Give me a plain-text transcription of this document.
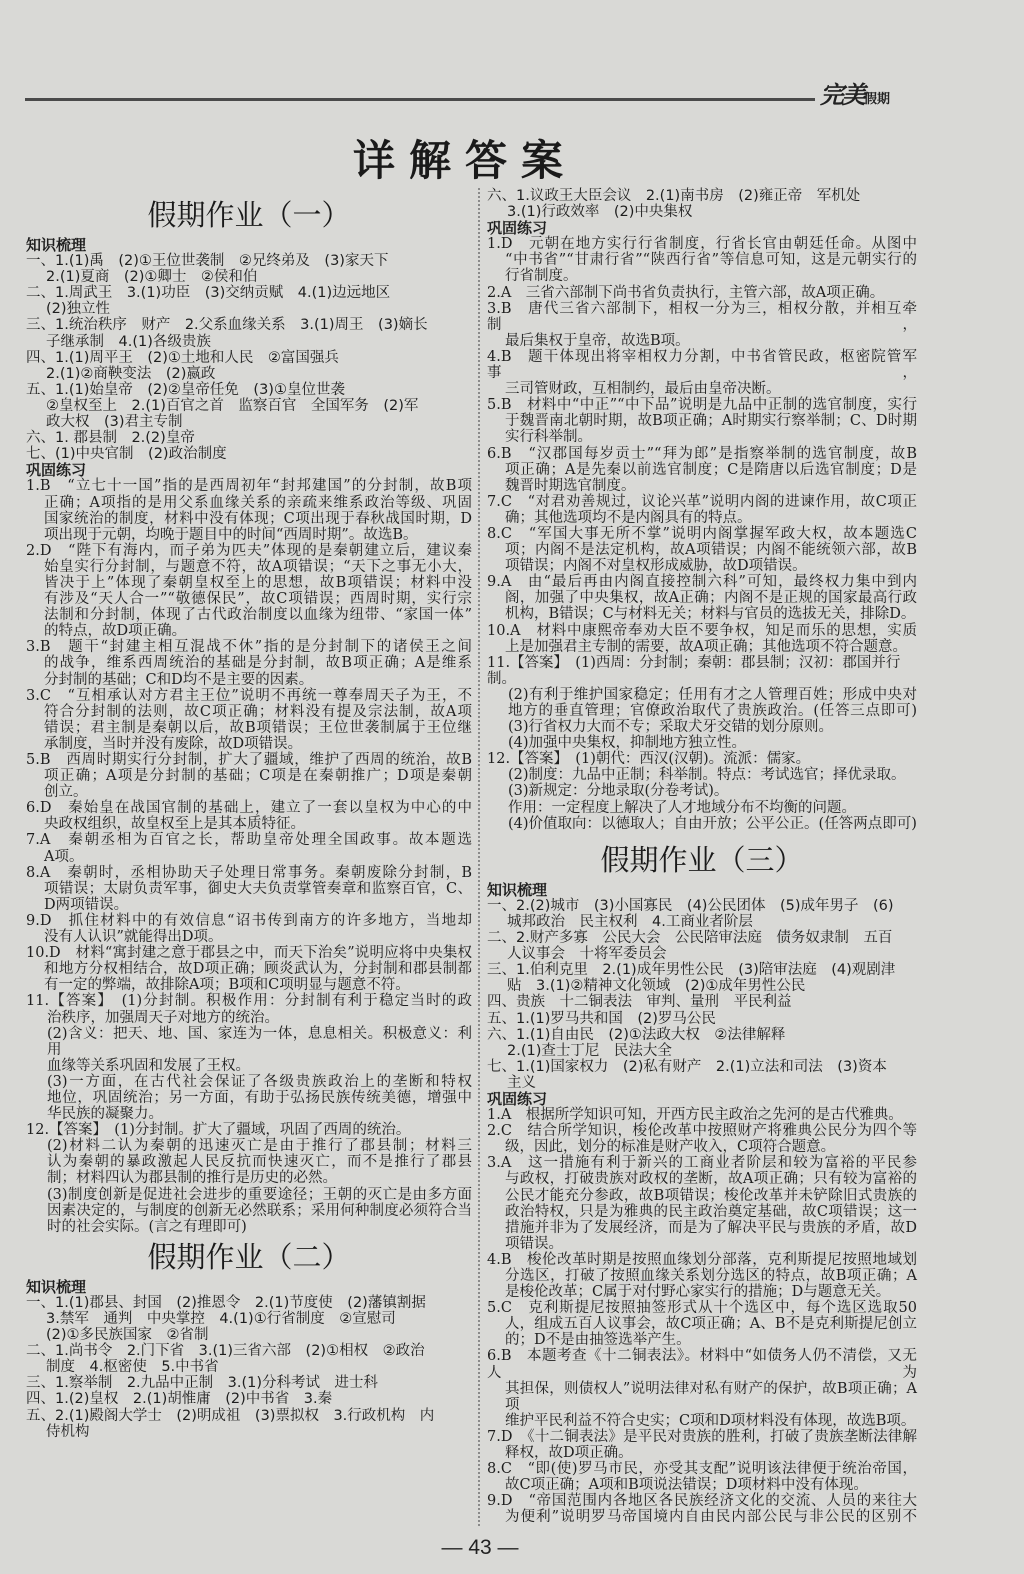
完美假期
详解答案
假期作业（一）
知识梳理
一、1.(1)禹　(2)①王位世袭制　②兄终弟及　(3)家天下
2.(1)夏商　(2)①卿士　②侯和伯
二、1.周武王　3.(1)功臣　(3)交纳贡赋　4.(1)边远地区
(2)独立性
三、1.统治秩序　财产　2.父系血缘关系　3.(1)周王　(3)嫡长
子继承制　4.(1)各级贵族
四、1.(1)周平王　(2)①土地和人民　②富国强兵
2.(1)②商鞅变法　(2)嬴政
五、1.(1)始皇帝　(2)②皇帝任免　(3)①皇位世袭
②皇权至上　2.(1)百官之首　监察百官　全国军务　(2)军
政大权　(3)君主专制
六、1. 郡县制　2.(2)皇帝
七、(1)中央官制　(2)政治制度
巩固练习
1.B　“立七十一国”指的是西周初年“封邦建国”的分封制，故B项
正确；A项指的是用父系血缘关系的亲疏来维系政治等级、巩固
国家统治的制度，材料中没有体现；C项出现于春秋战国时期，D
项出现于元朝，均晚于题目中的时间“西周时期”。故选B。
2.D　“陛下有海内，而子弟为匹夫”体现的是秦朝建立后，建议秦
始皇实行分封制，与题意不符，故A项错误；“天下之事无小大，
皆决于上”体现了秦朝皇权至上的思想，故B项错误；材料中没
有涉及“天人合一”“敬德保民”，故C项错误；西周时期，实行宗
法制和分封制，体现了古代政治制度以血缘为纽带、“家国一体”
的特点，故D项正确。
3.B　题干“封建主相互混战不休”指的是分封制下的诸侯王之间
的战争，维系西周统治的基础是分封制，故B项正确；A是维系
分封制的基础；C和D均不是主要的因素。
3.C　“互相承认对方君主王位”说明不再统一尊奉周天子为王，不
符合分封制的法则，故C项正确；材料没有提及宗法制，故A项
错误；君主制是秦朝以后，故B项错误；王位世袭制属于王位继
承制度，当时并没有废除，故D项错误。
5.B　西周时期实行分封制，扩大了疆域，维护了西周的统治，故B
项正确；A项是分封制的基础；C项是在秦朝推广；D项是秦朝
创立。
6.D　秦始皇在战国官制的基础上，建立了一套以皇权为中心的中
央政权组织，故皇权至上是其本质特征。
7.A　秦朝丞相为百官之长，帮助皇帝处理全国政事。故本题选
A项。
8.A　秦朝时，丞相协助天子处理日常事务。秦朝废除分封制，B
项错误；太尉负责军事，御史大夫负责掌管奏章和监察百官，C、
D两项错误。
9.D　抓住材料中的有效信息“诏书传到南方的许多地方，当地却
没有人认识”就能得出D项。
10.D　材料“寓封建之意于郡县之中，而天下治矣”说明应将中央集权
和地方分权相结合，故D项正确；顾炎武认为，分封制和郡县制都
有一定的弊端，故排除A项；B项和C项明显与题意不符。
11.【答案】　(1)分封制。积极作用：分封制有利于稳定当时的政
治秩序，加强周天子对地方的统治。
(2)含义：把天、地、国、家连为一体，息息相关。积极意义：利用
血缘等关系巩固和发展了王权。
(3)一方面，在古代社会保证了各级贵族政治上的垄断和特权
地位，巩固统治；另一方面，有助于弘扬民族传统美德，增强中
华民族的凝聚力。
12.【答案】　(1)分封制。扩大了疆域，巩固了西周的统治。
(2)材料二认为秦朝的迅速灭亡是由于推行了郡县制；材料三
认为秦朝的暴政激起人民反抗而快速灭亡，而不是推行了郡县
制；材料四认为郡县制的推行是历史的必然。
(3)制度创新是促进社会进步的重要途径；王朝的灭亡是由多方面
因素决定的，与制度的创新无必然联系；采用何种制度必须符合当
时的社会实际。(言之有理即可)
假期作业（二）
知识梳理
一、1.(1)郡县、封国　(2)推恩令　2.(1)节度使　(2)藩镇割据
3.禁军　通判　中央掌控　4.(1)①行省制度　②宣慰司
(2)①多民族国家　②省制
二、1.尚书令　2.门下省　3.(1)三省六部　(2)①相权　②政治
制度　4.枢密使　5.中书省
三、1.察举制　2.九品中正制　3.(1)分科考试　进士科
四、1.(2)皇权　2.(1)胡惟庸　(2)中书省　3.秦
五、2.(1)殿阁大学士　(2)明成祖　(3)票拟权　3.行政机构　内
侍机构
六、1.议政王大臣会议　2.(1)南书房　(2)雍正帝　军机处
3.(1)行政效率　(2)中央集权
巩固练习
1.D　元朝在地方实行行省制度，行省长官由朝廷任命。从图中
“中书省”“甘肃行省”“陕西行省”等信息可知，这是元朝实行的
行省制度。
2.A　三省六部制下尚书省负责执行，主管六部，故A项正确。
3.B　唐代三省六部制下，相权一分为三，相权分散，并相互牵制，
最后集权于皇帝，故选B项。
4.B　题干体现出将宰相权力分割，中书省管民政，枢密院管军事，
三司管财政，互相制约，最后由皇帝决断。
5.B　材料中“中正”“中下品”说明是九品中正制的选官制度，实行
于魏晋南北朝时期，故B项正确；A时期实行察举制；C、D时期
实行科举制。
6.B　“汉郡国每岁贡士”“拜为郎”是指察举制的选官制度，故B
项正确；A是先秦以前选官制度；C是隋唐以后选官制度；D是
魏晋时期选官制度。
7.C　“对君劝善规过，议论兴革”说明内阁的进谏作用，故C项正
确；其他选项均不是内阁具有的特点。
8.C　“军国大事无所不掌”说明内阁掌握军政大权，故本题选C
项；内阁不是法定机构，故A项错误；内阁不能统领六部，故B
项错误；内阁不对皇权形成威胁，故D项错误。
9.A　由“最后再由内阁直接控制六科”可知，最终权力集中到内
阁，加强了中央集权，故A正确；内阁不是正规的国家最高行政
机构，B错误；C与材料无关；材料与官员的选拔无关，排除D。
10.A　材料中康熙帝奉劝大臣不要争权，知足而乐的思想，实质
上是加强君主专制的需要，故A项正确；其他选项不符合题意。
11.【答案】　(1)西周：分封制；秦朝：郡县制；汉初：郡国并行制。
(2)有利于维护国家稳定；任用有才之人管理百姓；形成中央对
地方的垂直管理；官僚政治取代了贵族政治。(任答三点即可)
(3)行省权力大而不专；采取犬牙交错的划分原则。
(4)加强中央集权，抑制地方独立性。
12.【答案】　(1)朝代：西汉(汉朝)。流派：儒家。
(2)制度：九品中正制；科举制。特点：考试选官；择优录取。
(3)新规定：分地录取(分卷考试)。
作用：一定程度上解决了人才地域分布不均衡的问题。
(4)价值取向：以德取人；自由开放；公平公正。(任答两点即可)
假期作业（三）
知识梳理
一、2.(2)城市　(3)小国寡民　(4)公民团体　(5)成年男子　(6)
城邦政治　民主权利　4.工商业者阶层
二、2.财产多寡　公民大会　公民陪审法庭　债务奴隶制　五百
人议事会　十将军委员会
三、1.伯利克里　2.(1)成年男性公民　(3)陪审法庭　(4)观剧津
贴　3.(1)②精神文化领域　(2)①成年男性公民
四、贵族　十二铜表法　审判、量刑　平民利益
五、1.(1)罗马共和国　(2)罗马公民
六、1.(1)自由民　(2)①法政大权　②法律解释
2.(1)查士丁尼　民法大全
七、1.(1)国家权力　(2)私有财产　2.(1)立法和司法　(3)资本
主义
巩固练习
1.A　根据所学知识可知，开西方民主政治之先河的是古代雅典。
2.C　结合所学知识，梭伦改革中按照财产将雅典公民分为四个等
级，因此，划分的标准是财产收入，C项符合题意。
3.A　这一措施有利于新兴的工商业者阶层和较为富裕的平民参
与政权，打破贵族对政权的垄断，故A项正确；只有较为富裕的
公民才能充分参政，故B项错误；梭伦改革并未铲除旧式贵族的
政治特权，只是为雅典的民主政治奠定基础，故C项错误；这一
措施并非为了发展经济，而是为了解决平民与贵族的矛盾，故D
项错误。
4.B　梭伦改革时期是按照血缘划分部落，克利斯提尼按照地域划
分选区，打破了按照血缘关系划分选区的特点，故B项正确；A
是梭伦改革；C属于对付野心家实行的措施；D与题意无关。
5.C　克利斯提尼按照抽签形式从十个选区中，每个选区选取50
人，组成五百人议事会，故C项正确；A、B不是克利斯提尼创立
的；D不是由抽签选举产生。
6.B　本题考查《十二铜表法》。材料中“如债务人仍不清偿，又无人为
其担保，则债权人”说明法律对私有财产的保护，故B项正确；A项
维护平民利益不符合史实；C项和D项材料没有体现，故选B项。
7.D　《十二铜表法》是平民对贵族的胜利，打破了贵族垄断法律解
释权，故D项正确。
8.C　“即(使)罗马市民，亦受其支配”说明该法律便于统治帝国，
故C项正确；A项和B项说法错误；D项材料中没有体现。
9.D　“帝国范围内各地区各民族经济文化的交流、人员的来往大
为便利”说明罗马帝国境内自由民内部公民与非公民的区别不
— 43 —
